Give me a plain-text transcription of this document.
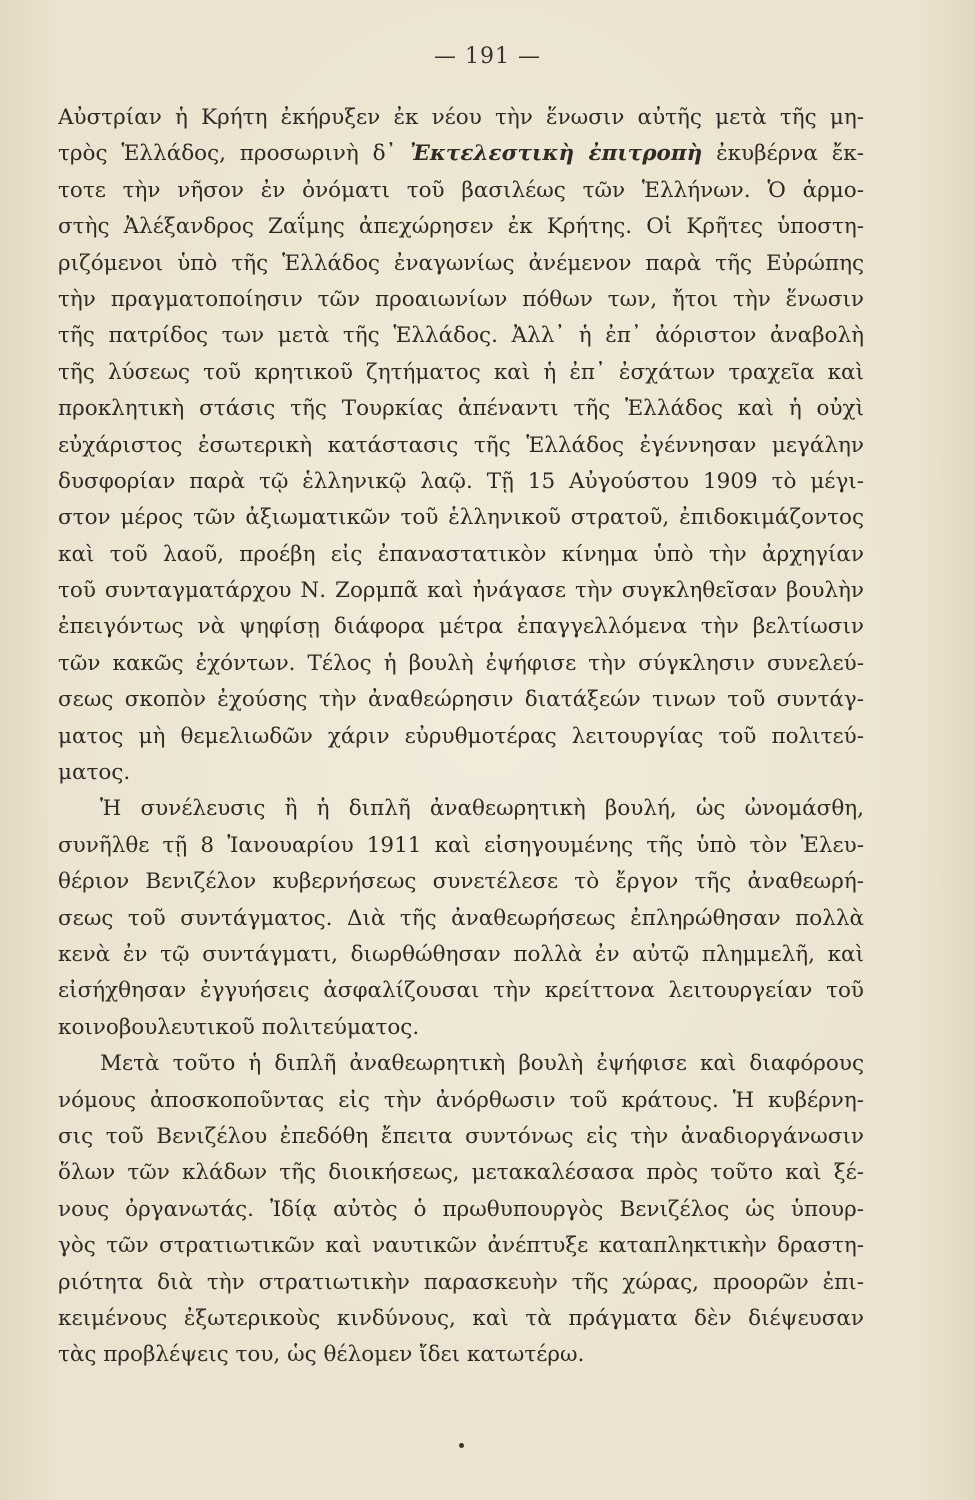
— 191 —
Αὐστρίαν ἡ Κρήτη ἐκήρυξεν ἐκ νέου τὴν ἕνωσιν αὐτῆς μετὰ τῆς μη-
τρὸς Ἑλλάδος, προσωρινὴ δ᾽ Ἐκτελεστικὴ ἐπιτροπὴ ἐκυβέρνα ἔκ-
τοτε τὴν νῆσον ἐν ὀνόματι τοῦ βασιλέως τῶν Ἑλλήνων. Ὁ ἁρμο-
στὴς Ἀλέξανδρος Ζαΐμης ἀπεχώρησεν ἐκ Κρήτης. Οἱ Κρῆτες ὑποστη-
ριζόμενοι ὑπὸ τῆς Ἑλλάδος ἐναγωνίως ἀνέμενον παρὰ τῆς Εὐρώπης
τὴν πραγματοποίησιν τῶν προαιωνίων πόθων των, ἤτοι τὴν ἕνωσιν
τῆς πατρίδος των μετὰ τῆς Ἑλλάδος. Ἀλλ᾽ ἡ ἐπ᾽ ἀόριστον ἀναβολὴ
τῆς λύσεως τοῦ κρητικοῦ ζητήματος καὶ ἡ ἐπ᾽ ἐσχάτων τραχεῖα καὶ
προκλητικὴ στάσις τῆς Τουρκίας ἀπέναντι τῆς Ἑλλάδος καὶ ἡ οὐχὶ
εὐχάριστος ἐσωτερικὴ κατάστασις τῆς Ἑλλάδος ἐγέννησαν μεγάλην
δυσφορίαν παρὰ τῷ ἑλληνικῷ λαῷ. Τῇ 15 Αὐγούστου 1909 τὸ μέγι-
στον μέρος τῶν ἀξιωματικῶν τοῦ ἑλληνικοῦ στρατοῦ, ἐπιδοκιμάζοντος
καὶ τοῦ λαοῦ, προέβη εἰς ἐπαναστατικὸν κίνημα ὑπὸ τὴν ἀρχηγίαν
τοῦ συνταγματάρχου Ν. Ζορμπᾶ καὶ ἠνάγασε τὴν συγκληθεῖσαν βουλὴν
ἐπειγόντως νὰ ψηφίσῃ διάφορα μέτρα ἐπαγγελλόμενα τὴν βελτίωσιν
τῶν κακῶς ἐχόντων. Τέλος ἡ βουλὴ ἐψήφισε τὴν σύγκλησιν συνελεύ-
σεως σκοπὸν ἐχούσης τὴν ἀναθεώρησιν διατάξεών τινων τοῦ συντάγ-
ματος μὴ θεμελιωδῶν χάριν εὐρυθμοτέρας λειτουργίας τοῦ πολιτεύ-
ματος.
Ἡ συνέλευσις ἢ ἡ διπλῆ ἀναθεωρητικὴ βουλή, ὡς ὠνομάσθη,
συνῆλθε τῇ 8 Ἰανουαρίου 1911 καὶ εἰσηγουμένης τῆς ὑπὸ τὸν Ἐλευ-
θέριον Βενιζέλον κυβερνήσεως συνετέλεσε τὸ ἔργον τῆς ἀναθεωρή-
σεως τοῦ συντάγματος. Διὰ τῆς ἀναθεωρήσεως ἐπληρώθησαν πολλὰ
κενὰ ἐν τῷ συντάγματι, διωρθώθησαν πολλὰ ἐν αὐτῷ πλημμελῆ, καὶ
εἰσήχθησαν ἐγγυήσεις ἀσφαλίζουσαι τὴν κρείττονα λειτουργείαν τοῦ
κοινοβουλευτικοῦ πολιτεύματος.
Μετὰ τοῦτο ἡ διπλῆ ἀναθεωρητικὴ βουλὴ ἐψήφισε καὶ διαφόρους
νόμους ἀποσκοποῦντας εἰς τὴν ἀνόρθωσιν τοῦ κράτους. Ἡ κυβέρνη-
σις τοῦ Βενιζέλου ἐπεδόθη ἔπειτα συντόνως εἰς τὴν ἀναδιοργάνωσιν
ὅλων τῶν κλάδων τῆς διοικήσεως, μετακαλέσασα πρὸς τοῦτο καὶ ξέ-
νους ὀργανωτάς. Ἰδίᾳ αὐτὸς ὁ πρωθυπουργὸς Βενιζέλος ὡς ὑπουρ-
γὸς τῶν στρατιωτικῶν καὶ ναυτικῶν ἀνέπτυξε καταπληκτικὴν δραστη-
ριότητα διὰ τὴν στρατιωτικὴν παρασκευὴν τῆς χώρας, προορῶν ἐπι-
κειμένους ἐξωτερικοὺς κινδύνους, καὶ τὰ πράγματα δὲν διέψευσαν
τὰς προβλέψεις του, ὡς θέλομεν ἴδει κατωτέρω.
